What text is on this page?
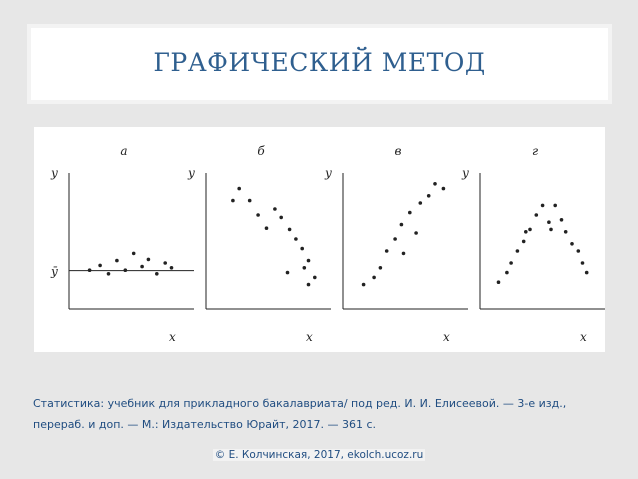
ГРАФИЧЕСКИЙ МЕТОД
а
y
x
ȳ
б
y
x
в
y
x
г
y
x

Статистика: учебник для прикладного бакалавриата/ под ред. И. И. Елисеевой. — 3-е изд.,
перераб. и доп. — М.: Издательство Юрайт, 2017. — 361 с.

© Е. Колчинская, 2017, ekolch.ucoz.ru
